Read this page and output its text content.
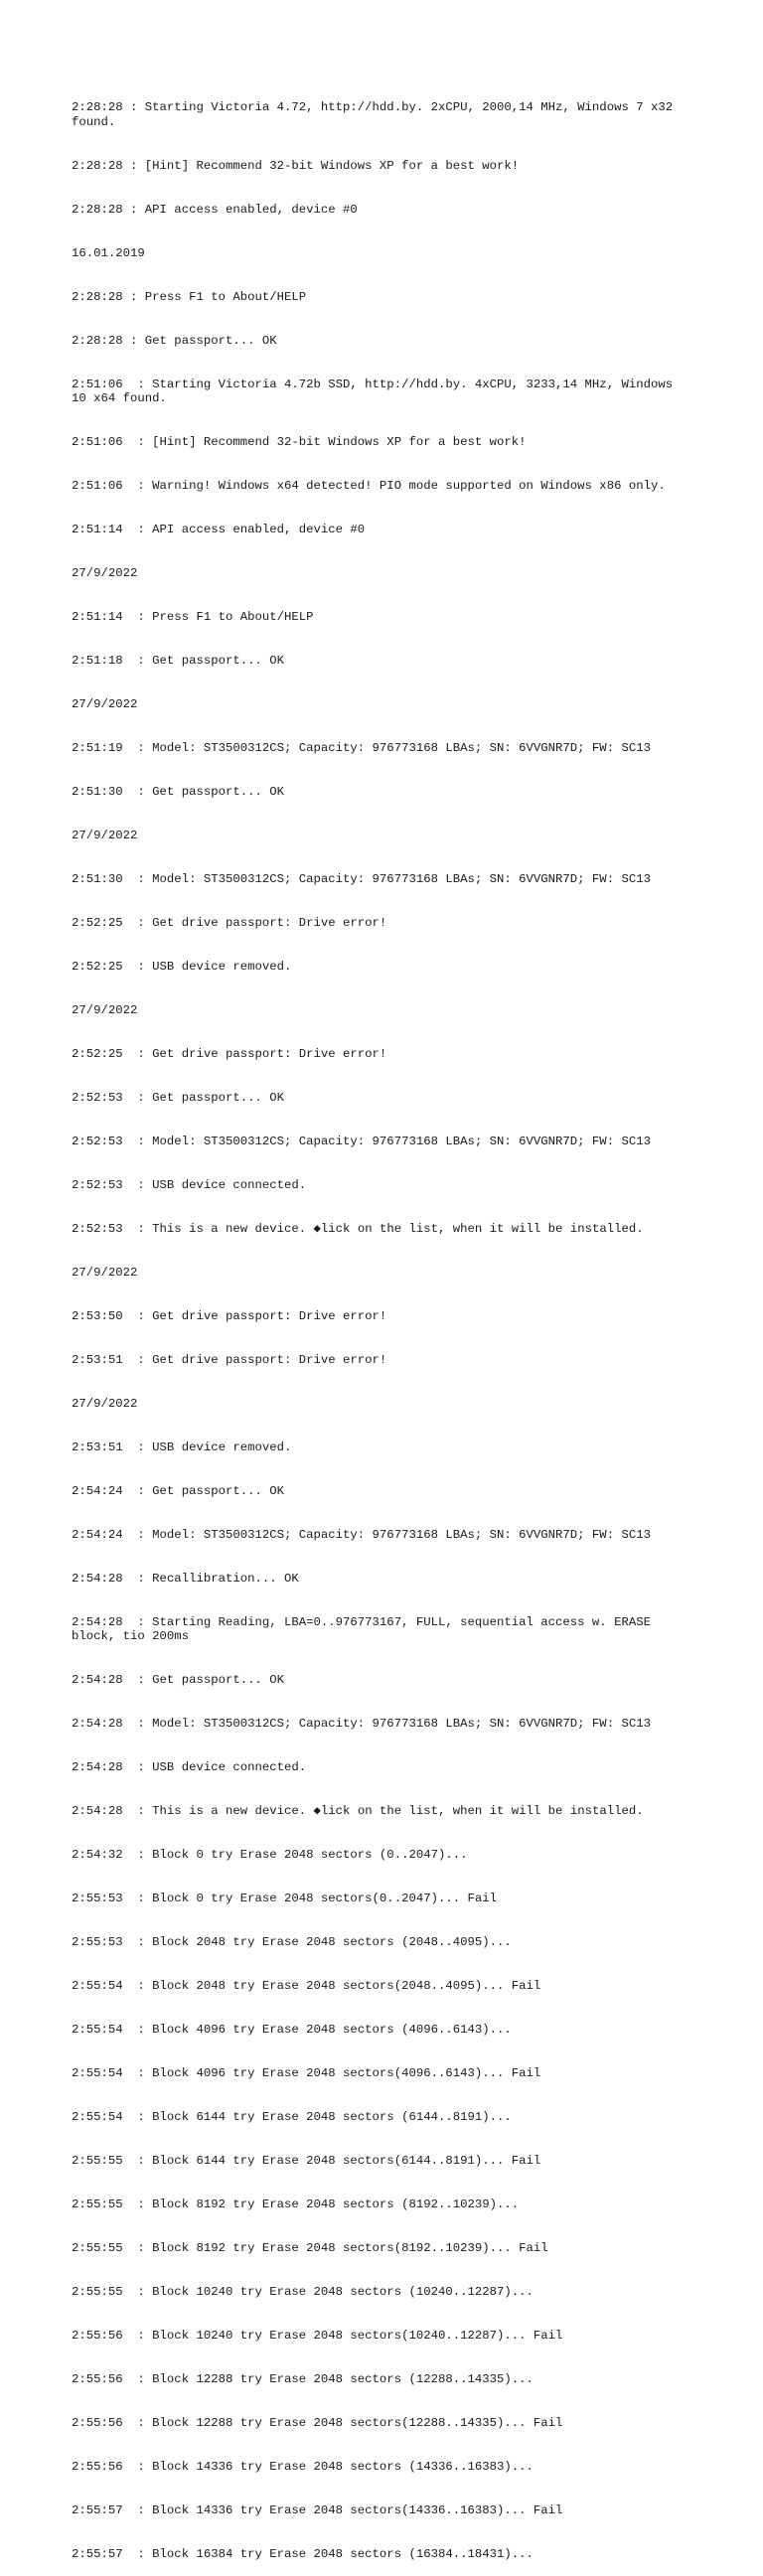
2:28:28 : Starting Victoria 4.72, http://hdd.by. 2xCPU, 2000,14 MHz, Windows 7 x32 found.

2:28:28 : [Hint] Recommend 32-bit Windows XP for a best work!

2:28:28 : API access enabled, device #0

16.01.2019

2:28:28 : Press F1 to About/HELP

2:28:28 : Get passport... OK

2:51:06  : Starting Victoria 4.72b SSD, http://hdd.by. 4xCPU, 3233,14 MHz, Windows 10 x64 found.

2:51:06  : [Hint] Recommend 32-bit Windows XP for a best work!

2:51:06  : Warning! Windows x64 detected! PIO mode supported on Windows x86 only.

2:51:14  : API access enabled, device #0

27/9/2022

2:51:14  : Press F1 to About/HELP

2:51:18  : Get passport... OK

27/9/2022

2:51:19  : Model: ST3500312CS; Capacity: 976773168 LBAs; SN: 6VVGNR7D; FW: SC13

2:51:30  : Get passport... OK

27/9/2022

2:51:30  : Model: ST3500312CS; Capacity: 976773168 LBAs; SN: 6VVGNR7D; FW: SC13

2:52:25  : Get drive passport: Drive error!

2:52:25  : USB device removed.

27/9/2022

2:52:25  : Get drive passport: Drive error!

2:52:53  : Get passport... OK

2:52:53  : Model: ST3500312CS; Capacity: 976773168 LBAs; SN: 6VVGNR7D; FW: SC13

2:52:53  : USB device connected.

2:52:53  : This is a new device. ◆lick on the list, when it will be installed.

27/9/2022

2:53:50  : Get drive passport: Drive error!

2:53:51  : Get drive passport: Drive error!

27/9/2022

2:53:51  : USB device removed.

2:54:24  : Get passport... OK

2:54:24  : Model: ST3500312CS; Capacity: 976773168 LBAs; SN: 6VVGNR7D; FW: SC13

2:54:28  : Recallibration... OK

2:54:28  : Starting Reading, LBA=0..976773167, FULL, sequential access w. ERASE block, tio 200ms

2:54:28  : Get passport... OK

2:54:28  : Model: ST3500312CS; Capacity: 976773168 LBAs; SN: 6VVGNR7D; FW: SC13

2:54:28  : USB device connected.

2:54:28  : This is a new device. ◆lick on the list, when it will be installed.

2:54:32  : Block 0 try Erase 2048 sectors (0..2047)...

2:55:53  : Block 0 try Erase 2048 sectors(0..2047)... Fail

2:55:53  : Block 2048 try Erase 2048 sectors (2048..4095)...

2:55:54  : Block 2048 try Erase 2048 sectors(2048..4095)... Fail

2:55:54  : Block 4096 try Erase 2048 sectors (4096..6143)...

2:55:54  : Block 4096 try Erase 2048 sectors(4096..6143)... Fail

2:55:54  : Block 6144 try Erase 2048 sectors (6144..8191)...

2:55:55  : Block 6144 try Erase 2048 sectors(6144..8191)... Fail

2:55:55  : Block 8192 try Erase 2048 sectors (8192..10239)...

2:55:55  : Block 8192 try Erase 2048 sectors(8192..10239)... Fail

2:55:55  : Block 10240 try Erase 2048 sectors (10240..12287)...

2:55:56  : Block 10240 try Erase 2048 sectors(10240..12287)... Fail

2:55:56  : Block 12288 try Erase 2048 sectors (12288..14335)...

2:55:56  : Block 12288 try Erase 2048 sectors(12288..14335)... Fail

2:55:56  : Block 14336 try Erase 2048 sectors (14336..16383)...

2:55:57  : Block 14336 try Erase 2048 sectors(14336..16383)... Fail

2:55:57  : Block 16384 try Erase 2048 sectors (16384..18431)...
